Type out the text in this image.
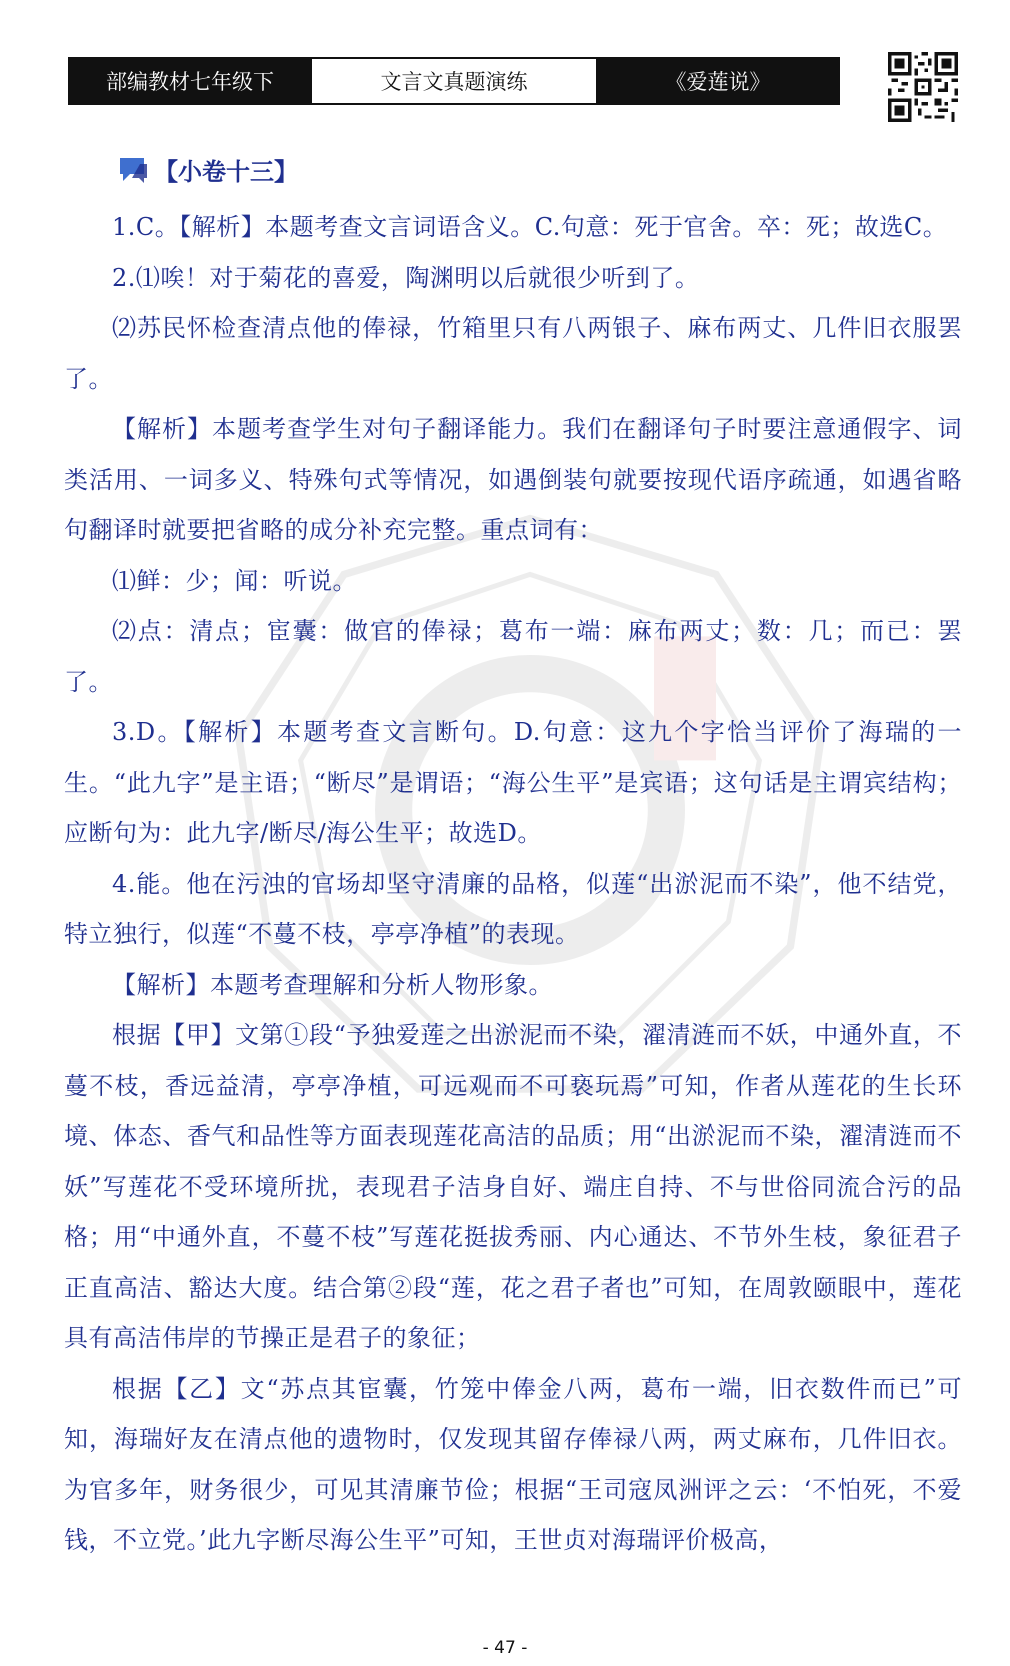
部编教材七年级下	文言文真题演练	《爱莲说》
【小卷十三】

1.C。【解析】本题考查文言词语含义。C.句意：死于官舍。卒：死；故选C。

2.⑴唉！对于菊花的喜爱，陶渊明以后就很少听到了。

⑵苏民怀检查清点他的俸禄，竹箱里只有八两银子、麻布两丈、几件旧衣服罢了。

【解析】本题考查学生对句子翻译能力。我们在翻译句子时要注意通假字、词类活用、一词多义、特殊句式等情况，如遇倒装句就要按现代语序疏通，如遇省略句翻译时就要把省略的成分补充完整。重点词有：

⑴鲜：少；闻：听说。

⑵点：清点；宦囊：做官的俸禄；葛布一端：麻布两丈；数：几；而已：罢了。

3.D。【解析】本题考查文言断句。D.句意：这九个字恰当评价了海瑞的一生。“此九字”是主语；“断尽”是谓语；“海公生平”是宾语；这句话是主谓宾结构；应断句为：此九字/断尽/海公生平；故选D。

4.能。他在污浊的官场却坚守清廉的品格，似莲“出淤泥而不染”，他不结党，特立独行，似莲“不蔓不枝，亭亭净植”的表现。

【解析】本题考查理解和分析人物形象。

根据【甲】文第①段“予独爱莲之出淤泥而不染，濯清涟而不妖，中通外直，不蔓不枝，香远益清，亭亭净植，可远观而不可亵玩焉”可知，作者从莲花的生长环境、体态、香气和品性等方面表现莲花高洁的品质；用“出淤泥而不染，濯清涟而不妖”写莲花不受环境所扰，表现君子洁身自好、端庄自持、不与世俗同流合污的品格；用“中通外直，不蔓不枝”写莲花挺拔秀丽、内心通达、不节外生枝，象征君子正直高洁、豁达大度。结合第②段“莲，花之君子者也”可知，在周敦颐眼中，莲花具有高洁伟岸的节操正是君子的象征；

根据【乙】文“苏点其宦囊，竹笼中俸金八两，葛布一端，旧衣数件而已”可知，海瑞好友在清点他的遗物时，仅发现其留存俸禄八两，两丈麻布，几件旧衣。为官多年，财务很少，可见其清廉节俭；根据“王司寇凤洲评之云：‘不怕死，不爱钱，不立党。’此九字断尽海公生平”可知，王世贞对海瑞评价极高，

- 47 -
